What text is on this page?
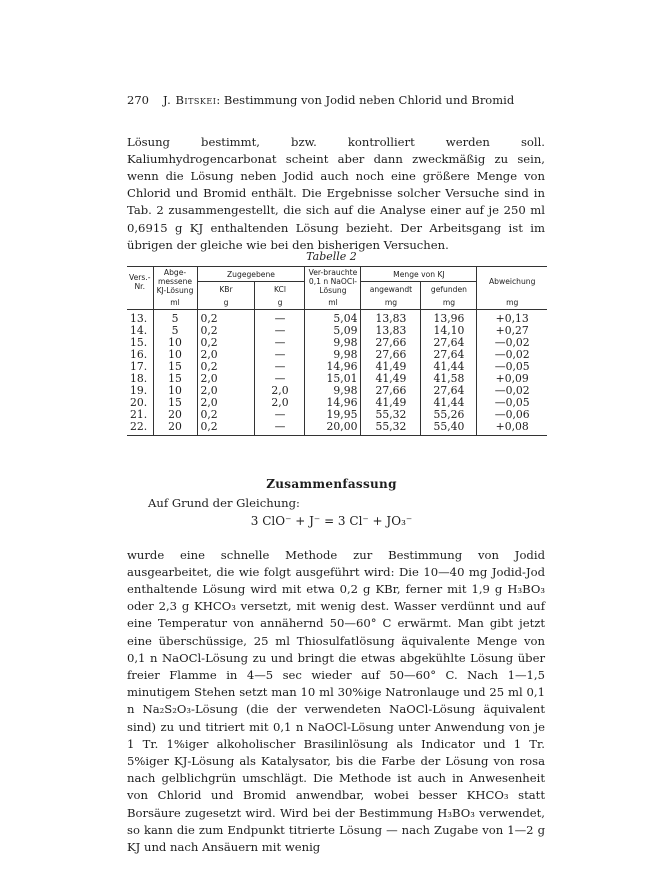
270 J. Bitskei: Bestimmung von Jodid neben Chlorid und Bromid

Lösung bestimmt, bzw. kontrolliert werden soll. Kaliumhydrogencarbonat scheint aber dann zweckmäßig zu sein, wenn die Lösung neben Jodid auch noch eine größere Menge von Chlorid und Bromid enthält. Die Ergebnisse solcher Versuche sind in Tab. 2 zusammengestellt, die sich auf die Analyse einer auf je 250 ml 0,6915 g KJ enthaltenden Lösung bezieht. Der Arbeitsgang ist im übrigen der gleiche wie bei den bisherigen Versuchen.

Tabelle 2
Vers.-Nr.	Abge-messene KJ-Lösung	Zugegebene		Ver-brauchte 0,1 n NaOCl-Lösung	Menge von KJ		Abweichung
		KBr	KCl		angewandt	gefunden	
	ml	g	g	ml	mg	mg	mg
13.	5	0,2	—	5,04	13,83	13,96	+0,13
14.	5	0,2	—	5,09	13,83	14,10	+0,27
15.	10	0,2	—	9,98	27,66	27,64	—0,02
16.	10	2,0	—	9,98	27,66	27,64	—0,02
17.	15	0,2	—	14,96	41,49	41,44	—0,05
18.	15	2,0	—	15,01	41,49	41,58	+0,09
19.	10	2,0	2,0	9,98	27,66	27,64	—0,02
20.	15	2,0	2,0	14,96	41,49	41,44	—0,05
21.	20	0,2	—	19,95	55,32	55,26	—0,06
22.	20	0,2	—	20,00	55,32	55,40	+0,08
Zusammenfassung
Auf Grund der Gleichung:
3 ClO⁻ + J⁻ = 3 Cl⁻ + JO₃⁻

wurde eine schnelle Methode zur Bestimmung von Jodid ausgearbeitet, die wie folgt ausgeführt wird: Die 10—40 mg Jodid-Jod enthaltende Lösung wird mit etwa 0,2 g KBr, ferner mit 1,9 g H₃BO₃ oder 2,3 g KHCO₃ versetzt, mit wenig dest. Wasser verdünnt und auf eine Temperatur von annähernd 50—60° C erwärmt. Man gibt jetzt eine überschüssige, 25 ml Thiosulfatlösung äquivalente Menge von 0,1 n NaOCl-Lösung zu und bringt die etwas abgekühlte Lösung über freier Flamme in 4—5 sec wieder auf 50—60° C. Nach 1—1,5 minutigem Stehen setzt man 10 ml 30%ige Natronlauge und 25 ml 0,1 n Na₂S₂O₃-Lösung (die der verwendeten NaOCl-Lösung äquivalent sind) zu und titriert mit 0,1 n NaOCl-Lösung unter Anwendung von je 1 Tr. 1%iger alkoholischer Brasilinlösung als Indicator und 1 Tr. 5%iger KJ-Lösung als Katalysator, bis die Farbe der Lösung von rosa nach gelblichgrün umschlägt. Die Methode ist auch in Anwesenheit von Chlorid und Bromid anwendbar, wobei besser KHCO₃ statt Borsäure zugesetzt wird. Wird bei der Bestimmung H₃BO₃ verwendet, so kann die zum Endpunkt titrierte Lösung — nach Zugabe von 1—2 g KJ und nach Ansäuern mit wenig
